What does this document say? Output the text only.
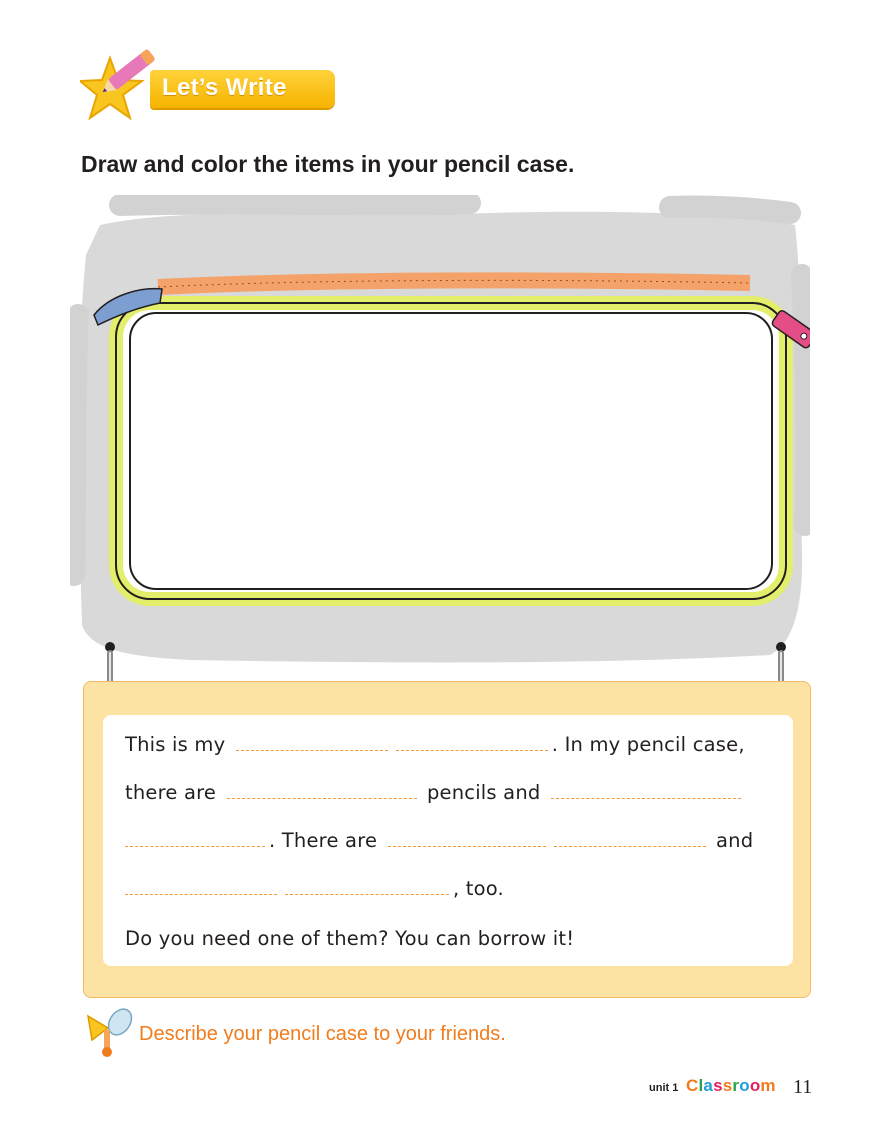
Let’s Write
Draw and color the items in your pencil case.
This is my	. In my pencil case,
there are	pencils and
. There are	and
, too.
Do you need one of them? You can borrow it!
Describe your pencil case to your friends.
unit 1 Classroom 11
